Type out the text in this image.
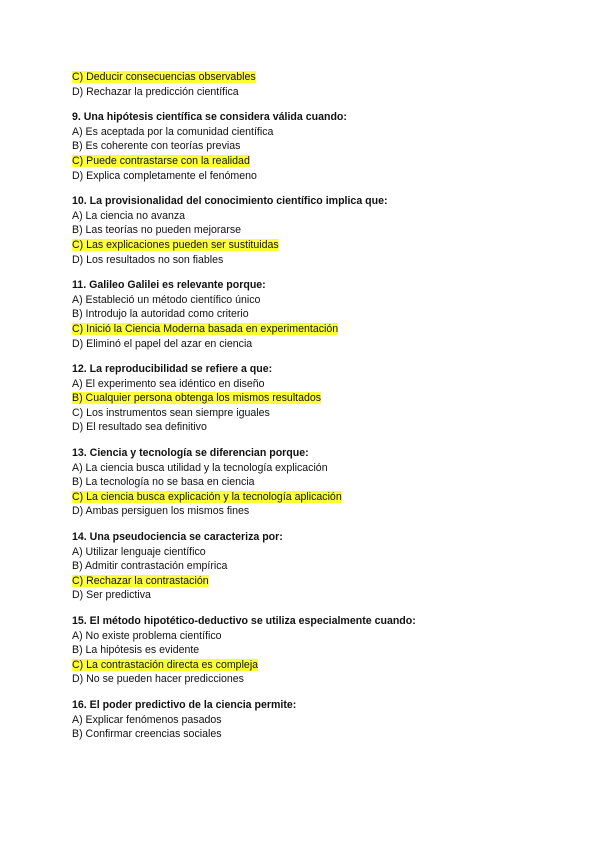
C) Deducir consecuencias observables
D) Rechazar la predicción científica
9. Una hipótesis científica se considera válida cuando:
A) Es aceptada por la comunidad científica
B) Es coherente con teorías previas
C) Puede contrastarse con la realidad
D) Explica completamente el fenómeno
10. La provisionalidad del conocimiento científico implica que:
A) La ciencia no avanza
B) Las teorías no pueden mejorarse
C) Las explicaciones pueden ser sustituidas
D) Los resultados no son fiables
11. Galileo Galilei es relevante porque:
A) Estableció un método científico único
B) Introdujo la autoridad como criterio
C) Inició la Ciencia Moderna basada en experimentación
D) Eliminó el papel del azar en ciencia
12. La reproducibilidad se refiere a que:
A) El experimento sea idéntico en diseño
B) Cualquier persona obtenga los mismos resultados
C) Los instrumentos sean siempre iguales
D) El resultado sea definitivo
13. Ciencia y tecnología se diferencian porque:
A) La ciencia busca utilidad y la tecnología explicación
B) La tecnología no se basa en ciencia
C) La ciencia busca explicación y la tecnología aplicación
D) Ambas persiguen los mismos fines
14. Una pseudociencia se caracteriza por:
A) Utilizar lenguaje científico
B) Admitir contrastación empírica
C) Rechazar la contrastación
D) Ser predictiva
15. El método hipotético-deductivo se utiliza especialmente cuando:
A) No existe problema científico
B) La hipótesis es evidente
C) La contrastación directa es compleja
D) No se pueden hacer predicciones
16. El poder predictivo de la ciencia permite:
A) Explicar fenómenos pasados
B) Confirmar creencias sociales
